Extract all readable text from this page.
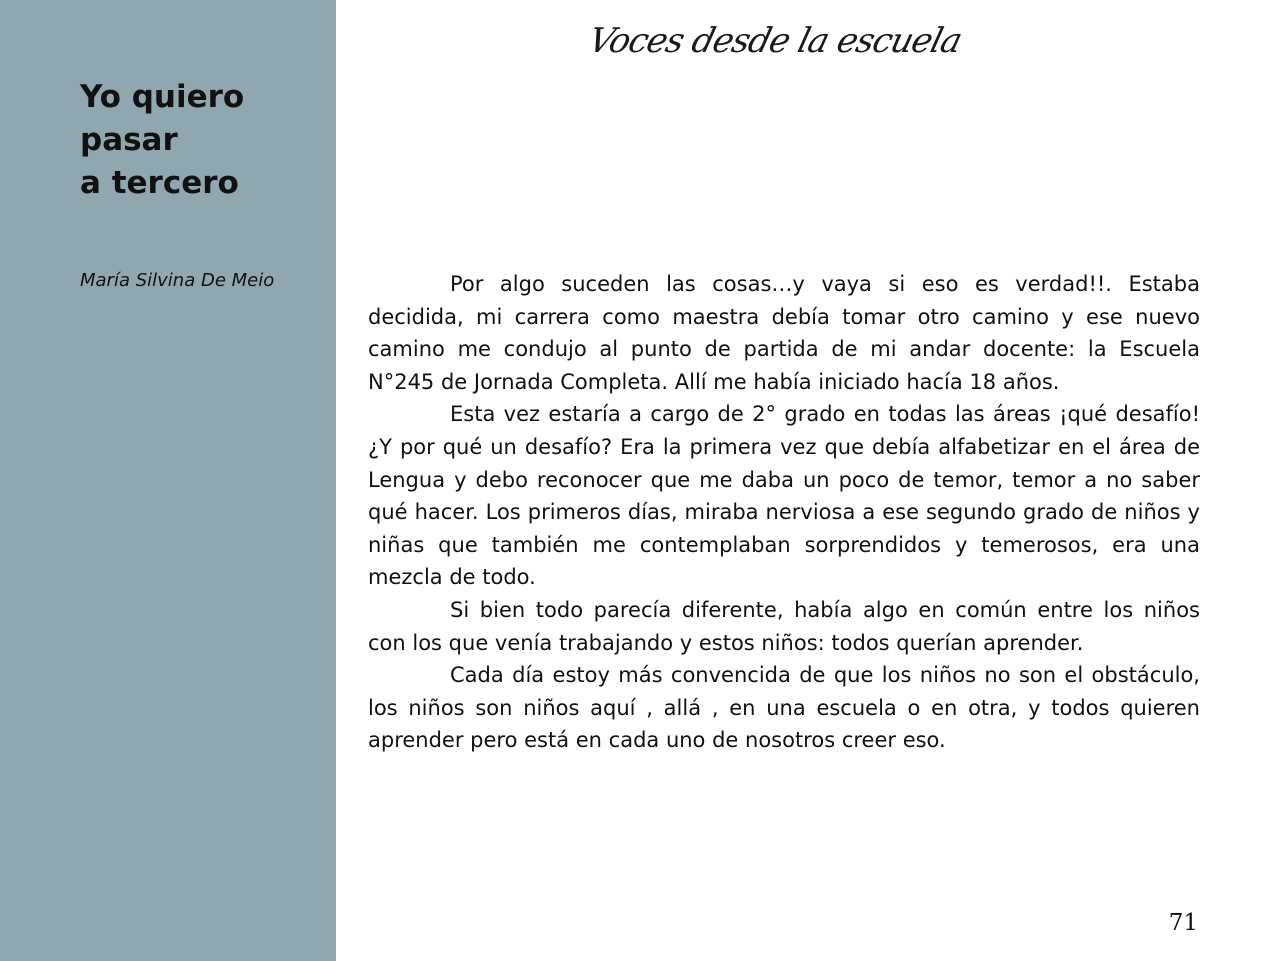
Yo quiero
pasar
a tercero
María Silvina De Meio
Voces desde la escuela

Por algo suceden las cosas…y vaya si eso es verdad!!. Estaba decidida, mi carrera como maestra debía tomar otro camino y ese nuevo camino me condujo al punto de partida de mi andar docente: la Escuela N°245 de Jornada Completa. Allí me había iniciado hacía 18 años.

Esta vez estaría a cargo de 2° grado en todas las áreas ¡qué desafío! ¿Y por qué un desafío? Era la primera vez que debía alfabetizar en el área de Lengua y debo reconocer que me daba un poco de temor, temor a no saber qué hacer. Los primeros días, miraba nerviosa a ese segundo grado de niños y niñas que también me contemplaban sorprendidos y temerosos, era una mezcla de todo.

Si bien todo parecía diferente, había algo en común entre los niños con los que venía trabajando y estos niños: todos querían aprender.

Cada día estoy más convencida de que los niños no son el obstáculo, los niños son niños aquí , allá , en una escuela o en otra, y todos quieren aprender pero está en cada uno de nosotros creer eso.

71
